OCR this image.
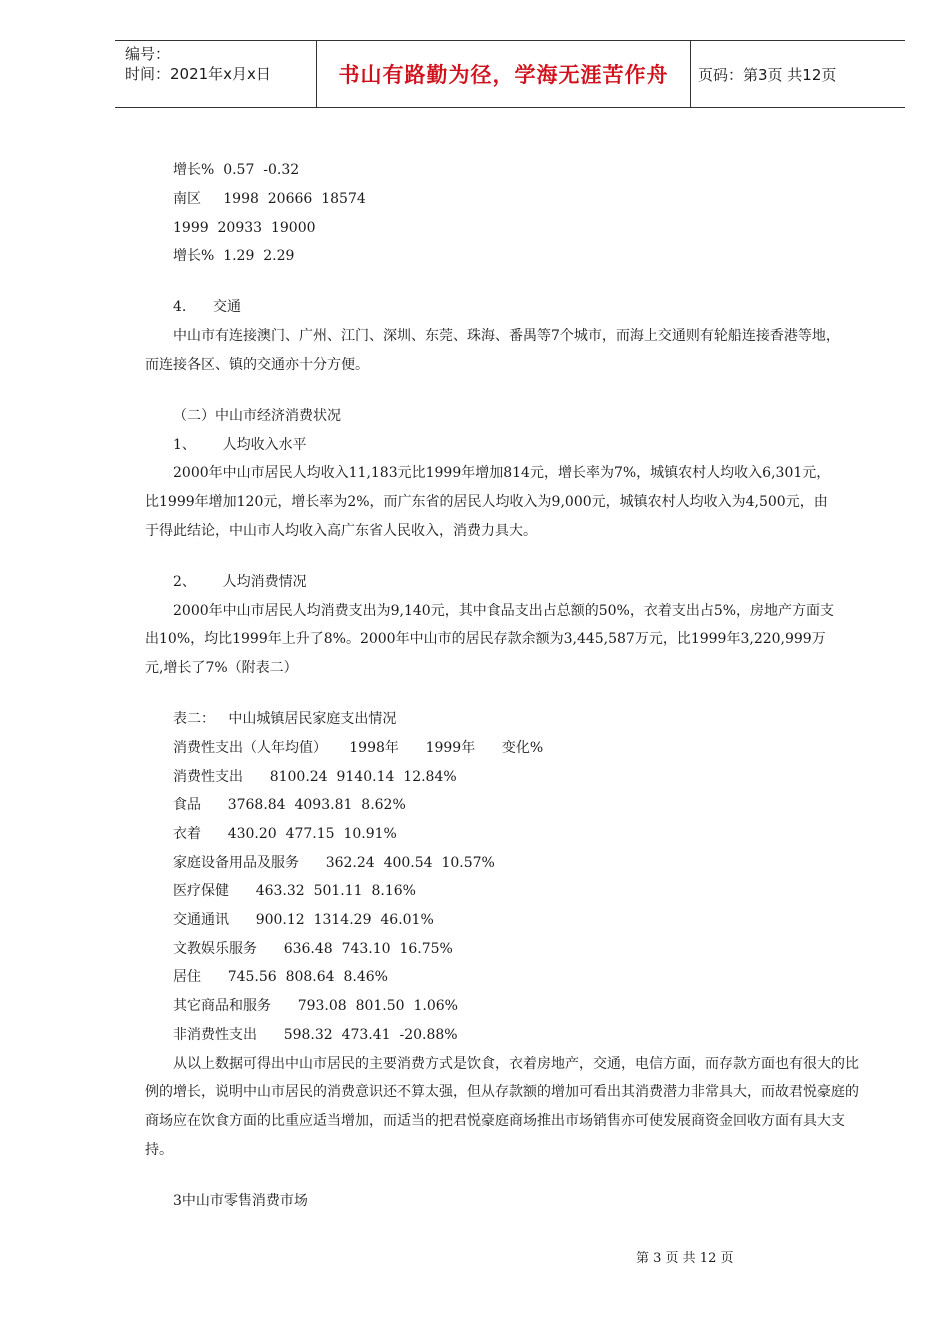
编号：
时间：2021年x月x日	书山有路勤为径，学海无涯苦作舟 页码：第3页 共12页
增长%  0.57  -0.32
南区     1998  20666  18574
1999  20933  19000
增长%  1.29  2.29
4.      交通
中山市有连接澳门、广州、江门、深圳、东莞、珠海、番禺等7个城市，而海上交通则有轮船连接香港等地，
而连接各区、镇的交通亦十分方便。
（二）中山市经济消费状况
1、      人均收入水平
2000年中山市居民人均收入11,183元比1999年增加814元，增长率为7%，城镇农村人均收入6,301元，
比1999年增加120元，增长率为2%，而广东省的居民人均收入为9,000元，城镇农村人均收入为4,500元，由
于得此结论，中山市人均收入高广东省人民收入，消费力具大。
2、      人均消费情况
2000年中山市居民人均消费支出为9,140元，其中食品支出占总额的50%，衣着支出占5%，房地产方面支
出10%，均比1999年上升了8%。2000年中山市的居民存款余额为3,445,587万元，比1999年3,220,999万
元,增长了7%（附表二）
表二：   中山城镇居民家庭支出情况
消费性支出（人年均值）     1998年      1999年      变化%
消费性支出      8100.24  9140.14  12.84%
食品      3768.84  4093.81  8.62%
衣着      430.20  477.15  10.91%
家庭设备用品及服务      362.24  400.54  10.57%
医疗保健      463.32  501.11  8.16%
交通通讯      900.12  1314.29  46.01%
文教娱乐服务      636.48  743.10  16.75%
居住      745.56  808.64  8.46%
其它商品和服务      793.08  801.50  1.06%
非消费性支出      598.32  473.41  -20.88%
从以上数据可得出中山市居民的主要消费方式是饮食，衣着房地产，交通，电信方面，而存款方面也有很大的比
例的增长，说明中山市居民的消费意识还不算太强，但从存款额的增加可看出其消费潜力非常具大，而故君悦豪庭的
商场应在饮食方面的比重应适当增加，而适当的把君悦豪庭商场推出市场销售亦可使发展商资金回收方面有具大支
持。
3中山市零售消费市场
第 3 页 共 12 页
